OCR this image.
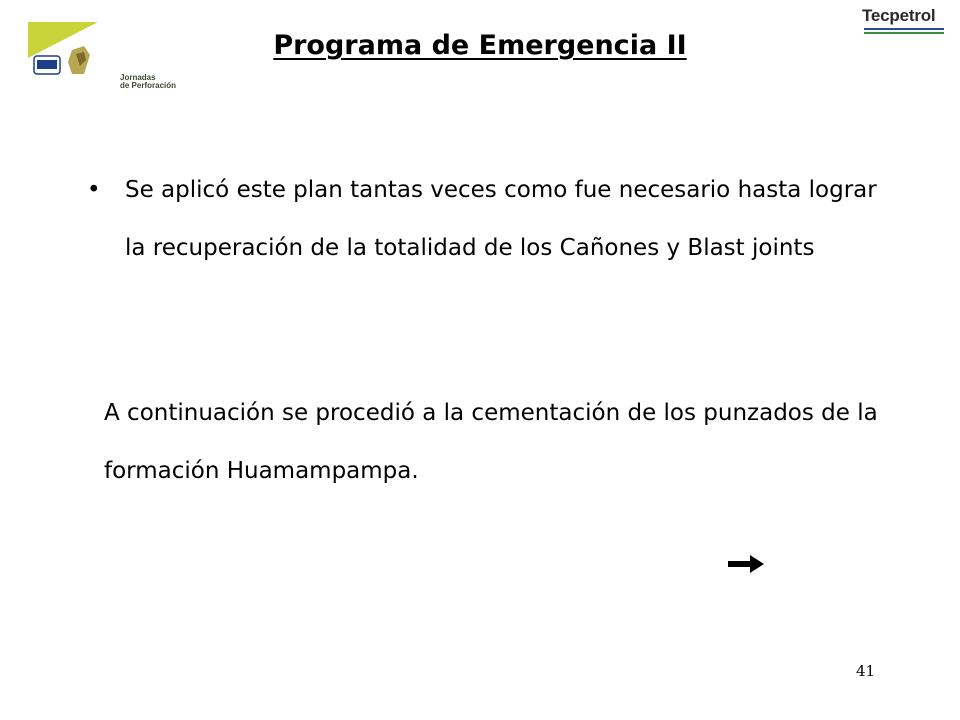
Jornadas
de Perforación
Tecpetrol
Programa de Emergencia II
• Se aplicó este plan tantas veces como fue necesario hasta lograr la recuperación de la totalidad de los Cañones y Blast joints
A continuación se procedió a la cementación de los punzados de la formación Huamampampa.
41
